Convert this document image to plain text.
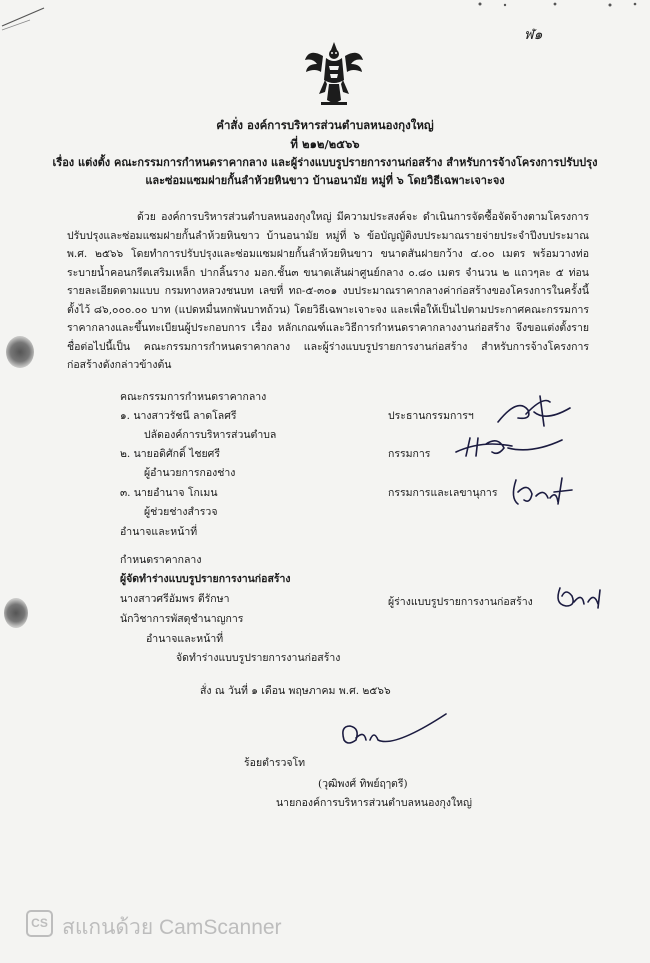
ฬ๑
คำสั่ง องค์การบริหารส่วนตำบลหนองกุงใหญ่
ที่ ๒๑๒/๒๕๖๖
เรื่อง แต่งตั้ง คณะกรรมการกำหนดราคากลาง และผู้ร่างแบบรูปรายการงานก่อสร้าง สำหรับการจ้างโครงการปรับปรุง
และซ่อมแซมฝายกั้นลำห้วยหินขาว บ้านอนามัย หมู่ที่ ๖ โดยวิธีเฉพาะเจาะจง
ด้วย องค์การบริหารส่วนตำบลหนองกุงใหญ่ มีความประสงค์จะ ดำเนินการจัดซื้อจัดจ้างตามโครงการปรับปรุงและซ่อมแซมฝายกั้นลำห้วยหินขาว บ้านอนามัย หมู่ที่ ๖ ข้อบัญญัติงบประมาณรายจ่ายประจำปีงบประมาณ พ.ศ. ๒๕๖๖ โดยทำการปรับปรุงและซ่อมแซมฝายกั้นลำห้วยหินขาว ขนาดสันฝายกว้าง ๔.๐๐ เมตร พร้อมวางท่อระบายน้ำคอนกรีตเสริมเหล็ก ปากลิ้นราง มอก.ชั้น๓ ขนาดเส้นผ่าศูนย์กลาง ๐.๘๐ เมตร จำนวน ๒ แถวๆละ ๕ ท่อน รายละเอียดตามแบบ กรมทางหลวงชนบท เลขที่ ทถ-๕-๓๐๑ งบประมาณราคากลางค่าก่อสร้างของโครงการในครั้งนี้ตั้งไว้ ๘๖,๐๐๐.๐๐ บาท (แปดหมื่นหกพันบาทถ้วน) โดยวิธีเฉพาะเจาะจง และเพื่อให้เป็นไปตามประกาศคณะกรรมการราคากลางและขึ้นทะเบียนผู้ประกอบการ เรื่อง หลักเกณฑ์และวิธีการกำหนดราคากลางงานก่อสร้าง จึงขอแต่งตั้งรายชื่อต่อไปนี้เป็น คณะกรรมการกำหนดราคากลาง และผู้ร่างแบบรูปรายการงานก่อสร้าง สำหรับการจ้างโครงการก่อสร้างดังกล่าวข้างต้น
คณะกรรมการกำหนดราคากลาง
๑. นางสาวรัชนี ลาดโลศรี
ปลัดองค์การบริหารส่วนตำบล
ประธานกรรมการฯ
๒. นายอดิศักดิ์ ไชยศรี
ผู้อำนวยการกองช่าง
กรรมการ
๓. นายอำนาจ โกเมน
ผู้ช่วยช่างสำรวจ
กรรมการและเลขานุการ
อำนาจและหน้าที่
กำหนดราคากลาง
ผู้จัดทำร่างแบบรูปรายการงานก่อสร้าง
นางสาวศรีอัมพร ตีรักษา
นักวิชาการพัสดุชำนาญการ
ผู้ร่างแบบรูปรายการงานก่อสร้าง
อำนาจและหน้าที่
จัดทำร่างแบบรูปรายการงานก่อสร้าง
สั่ง ณ วันที่ ๑ เดือน พฤษภาคม พ.ศ. ๒๕๖๖
ร้อยตำรวจโท
(วุฒิพงศ์ ทิพย์ฤๅตรี)
นายกองค์การบริหารส่วนตำบลหนองกุงใหญ่
CS สแกนด้วย CamScanner
